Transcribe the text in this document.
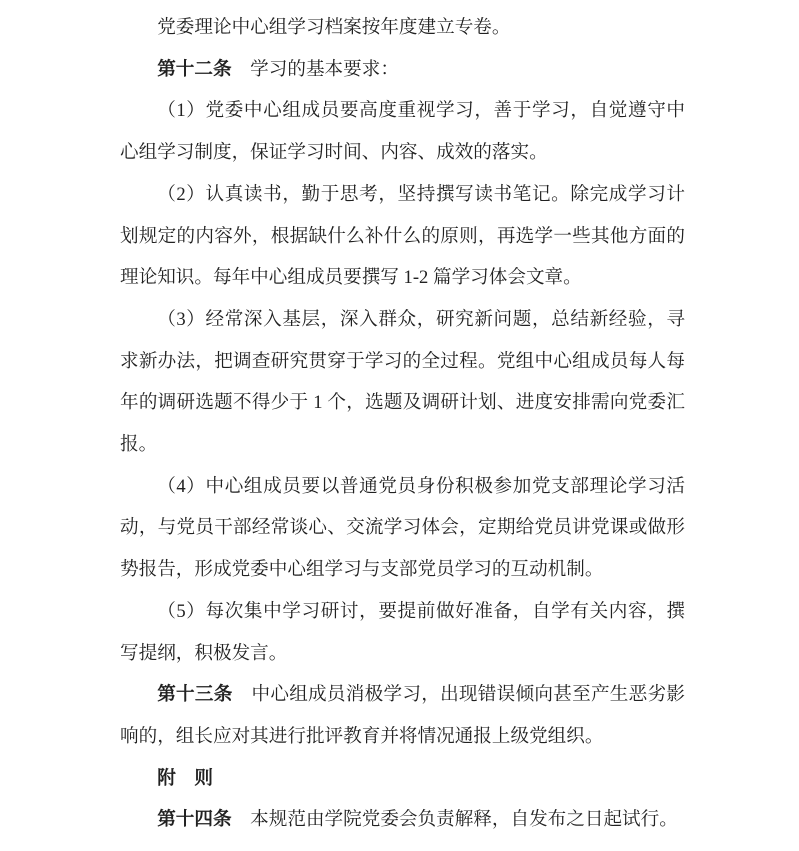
党委理论中心组学习档案按年度建立专卷。

第十二条　学习的基本要求：

（1）党委中心组成员要高度重视学习，善于学习，自觉遵守中心组学习制度，保证学习时间、内容、成效的落实。

（2）认真读书，勤于思考，坚持撰写读书笔记。除完成学习计划规定的内容外，根据缺什么补什么的原则，再选学一些其他方面的理论知识。每年中心组成员要撰写 1-2 篇学习体会文章。

（3）经常深入基层，深入群众，研究新问题，总结新经验，寻求新办法，把调查研究贯穿于学习的全过程。党组中心组成员每人每年的调研选题不得少于 1 个，选题及调研计划、进度安排需向党委汇报。

（4）中心组成员要以普通党员身份积极参加党支部理论学习活动，与党员干部经常谈心、交流学习体会，定期给党员讲党课或做形势报告，形成党委中心组学习与支部党员学习的互动机制。

（5）每次集中学习研讨，要提前做好准备，自学有关内容，撰写提纲，积极发言。

第十三条　中心组成员消极学习，出现错误倾向甚至产生恶劣影响的，组长应对其进行批评教育并将情况通报上级党组织。

附　则

第十四条　本规范由学院党委会负责解释，自发布之日起试行。
